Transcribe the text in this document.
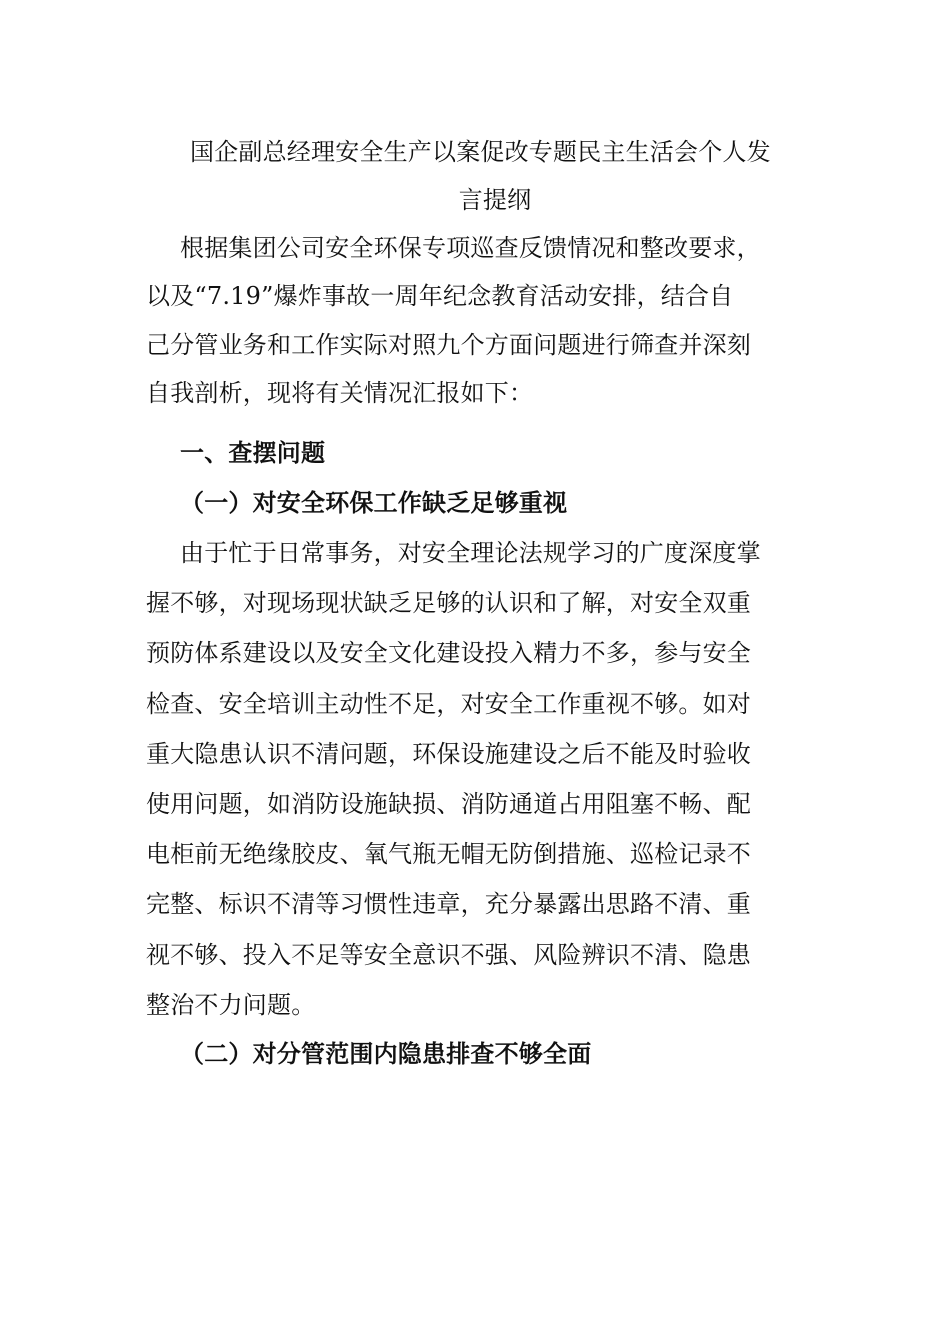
国企副总经理安全生产以案促改专题民主生活会个人发
言提纲
根据集团公司安全环保专项巡查反馈情况和整改要求，
以及“7.19”爆炸事故一周年纪念教育活动安排，结合自
己分管业务和工作实际对照九个方面问题进行筛查并深刻
自我剖析，现将有关情况汇报如下：
一、查摆问题
（一）对安全环保工作缺乏足够重视
由于忙于日常事务，对安全理论法规学习的广度深度掌
握不够，对现场现状缺乏足够的认识和了解，对安全双重
预防体系建设以及安全文化建设投入精力不多，参与安全
检查、安全培训主动性不足，对安全工作重视不够。如对
重大隐患认识不清问题，环保设施建设之后不能及时验收
使用问题，如消防设施缺损、消防通道占用阻塞不畅、配
电柜前无绝缘胶皮、氧气瓶无帽无防倒措施、巡检记录不
完整、标识不清等习惯性违章，充分暴露出思路不清、重
视不够、投入不足等安全意识不强、风险辨识不清、隐患
整治不力问题。
（二）对分管范围内隐患排查不够全面
